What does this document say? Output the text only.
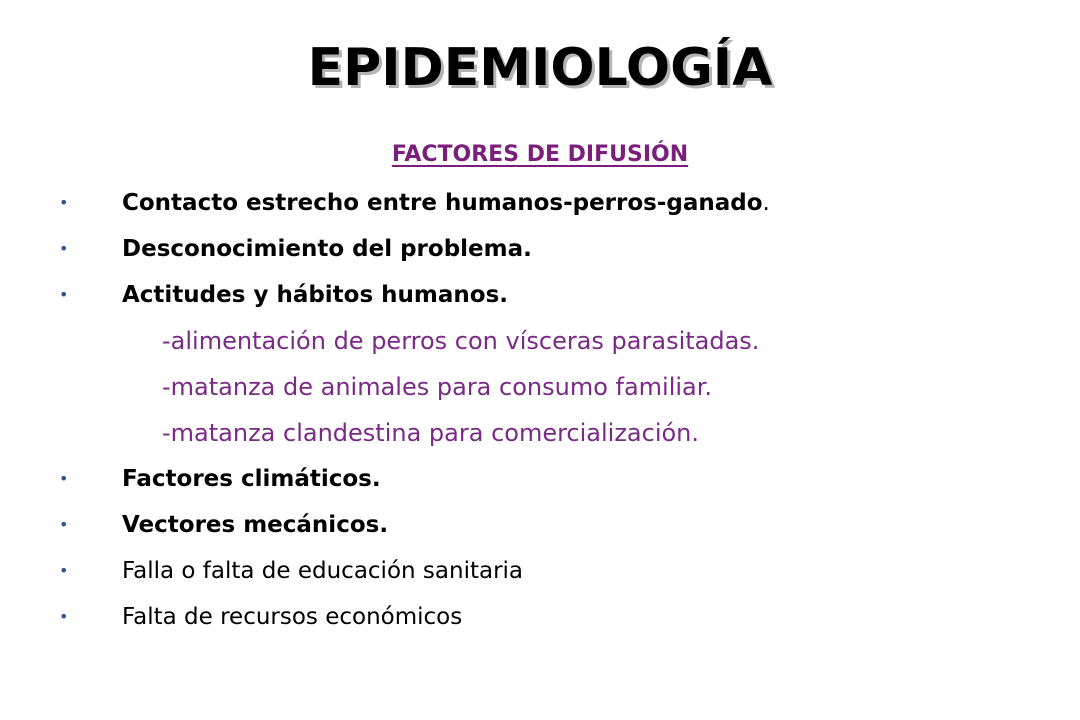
EPIDEMIOLOGÍA
FACTORES DE DIFUSIÓN
• Contacto estrecho entre humanos-perros-ganado.
• Desconocimiento del problema.
• Actitudes y hábitos humanos.
-alimentación de perros con vísceras parasitadas.
-matanza de animales para consumo familiar.
-matanza clandestina para comercialización.
• Factores climáticos.
• Vectores mecánicos.
• Falla o falta de educación sanitaria
• Falta de recursos económicos
